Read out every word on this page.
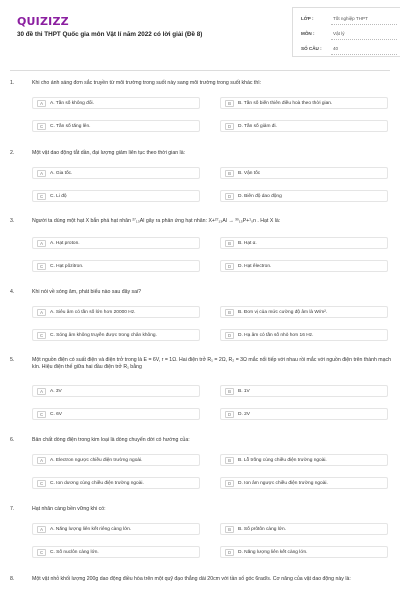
QUIZIZZ
30 đề thi THPT Quốc gia môn Vật lí năm 2022 có lời giải (Đề 8)
LỚP :	Tốt nghiệp THPT
MÔN :	Vật lý
SỐ CÂU : 40
1.	Khi cho ánh sáng đơn sắc truyền từ môi trường trong suốt này sang môi trường trong suốt khác thì:
A	A. Tần số không đổi.	B	B. Tần số biến thiên điều hoà theo thời gian.
C	C. Tần số tăng lên.	D	D. Tần số giảm đi.
2.	Một vật dao động tắt dần, đại lượng giảm liên tục theo thời gian là:
A	A. Gia tốc.	B	B. Vận tốc
C	C. Li độ	D	D. Biên độ dao động
3.	Người ta dùng một hạt X bắn phá hạt nhân ²⁷₁₃Al gây ra phản ứng hạt nhân: X+²⁷₁₃Al → ³⁰₁₅P+¹₀n . Hạt X là:
A	A. Hạt proton.	B	B. Hạt α.
C	C. Hạt pôzitron.	D	D. Hạt êlectron.
4.	Khi nói về sóng âm, phát biểu nào sau đây sai?
A	A. Siêu âm có tần số lớn hơn 20000 Hz.	B	B. Đơn vị của mức cường độ âm là W/m².
C	C. Sóng âm không truyền được trong chân không.	D	D. Hạ âm có tần số nhỏ hơn 16 Hz.
5.	Một nguồn điện có suất điện và điện trở trong là E = 6V, r = 1Ω. Hai điện trở R₁ = 2Ω, R₂ = 3Ω mắc nối tiếp với nhau rồi mắc với nguồn điện trên thành mạch kín. Hiệu điện thế giữa hai đầu điện trở R₁ bằng
A	A. 3V	B	B. 1V
C	C. 6V	D	D. 2V
6.	Bản chất dòng điện trong kim loại là dòng chuyển dời có hướng của:
A	A. Electron ngược chiều điện trường ngoài.	B	B. Lỗ trống cùng chiều điện trường ngoài.
C	C. Ion dương cùng chiều điện trường ngoài.	D	D. Ion âm ngược chiều điện trường ngoài.
7.	Hạt nhân càng bền vững khi có:
A	A. Năng lượng liên kết riêng càng lớn.	B	B. Số prôtôn càng lớn.
C	C. Số nuclôn càng lớn.	D	D. Năng lượng liên kết càng lớn.
8.	Một vật nhỏ khối lượng 200g dao động điều hòa trên một quỹ đạo thẳng dài 20cm với tần số góc 6rad/s. Cơ năng của vật dao động này là:
